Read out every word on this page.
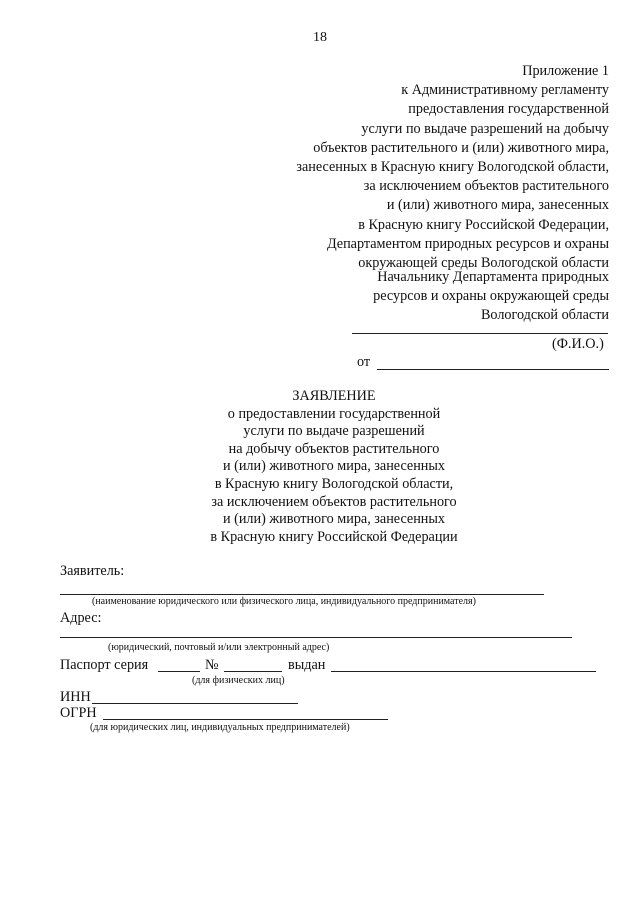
18
Приложение 1
к Административному регламенту
предоставления государственной
услуги по выдаче разрешений на добычу
объектов растительного и (или) животного мира,
занесенных в Красную книгу Вологодской области,
за исключением объектов растительного
и (или) животного мира, занесенных
в Красную книгу Российской Федерации,
Департаментом природных ресурсов и охраны
окружающей среды Вологодской области
Начальнику Департамента природных
ресурсов и охраны окружающей среды
Вологодской области
(Ф.И.О.)
от
ЗАЯВЛЕНИЕ
о предоставлении государственной
услуги по выдаче разрешений
на добычу объектов растительного
и (или) животного мира, занесенных
в Красную книгу Вологодской области,
за исключением объектов растительного
и (или) животного мира, занесенных
в Красную книгу Российской Федерации
Заявитель:
(наименование юридического или физического лица, индивидуального предпринимателя)
Адрес:
(юридический, почтовый и/или электронный адрес)
Паспорт серия	№	выдан
(для физических лиц)
ИНН
ОГРН
(для юридических лиц, индивидуальных предпринимателей)
